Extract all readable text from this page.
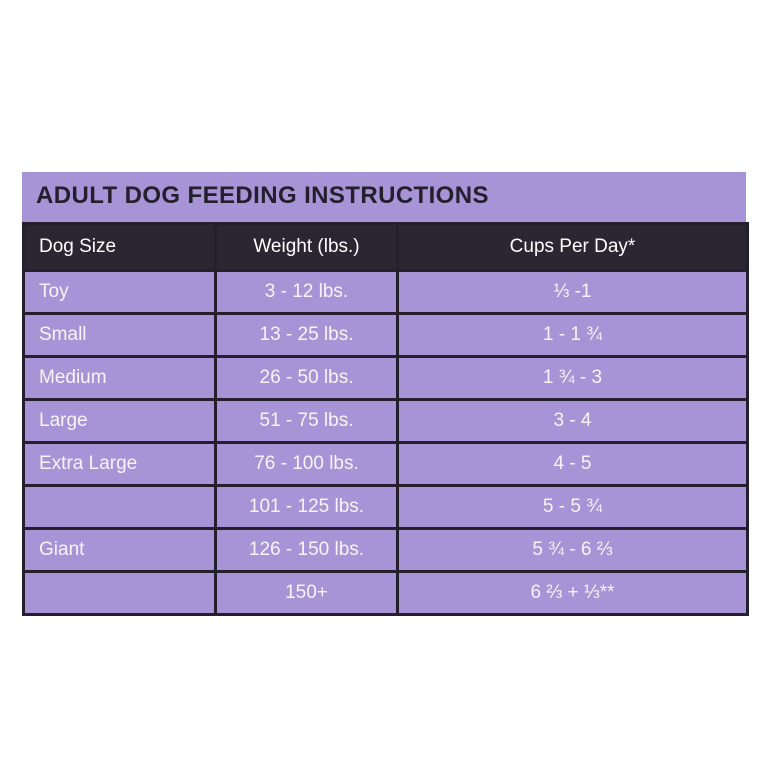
ADULT DOG FEEDING INSTRUCTIONS
Dog Size	Weight (lbs.)	Cups Per Day*
Toy	3 - 12 lbs.	⅓ -1
Small	13 - 25 lbs.	1 - 1 ¾
Medium	26 - 50 lbs.	1 ¾ - 3
Large	51 - 75 lbs.	3 - 4
Extra Large	76 - 100 lbs.	4 - 5
	101 - 125 lbs.	5 - 5 ¾
Giant	126 - 150 lbs.	5 ¾ - 6 ⅔
	150+	6 ⅔ + ⅓**
